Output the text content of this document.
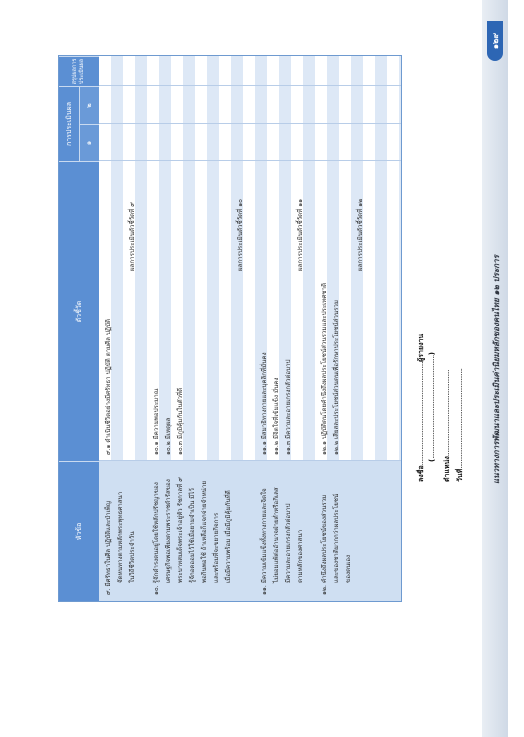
หัวข้อ
ตัวชี้วัด
การประเมินผล	๑
๒
สรุปผลการประเมินผล
๙. มีศรัทธาในศีล ปฏิบัติและบำเพ็ญ จัดหนทางตามหลักพระพุทธศาสนา ในวิถีชีวิตประจำวัน
๙.๑ ดำเนินชีวิตอย่างมีศรัทธา ปฏิบัติ ตามศีล ปฏิบัติ
ผลการประเมินตัวชี้วัดที่ ๙
๑๐. รู้จักดำรงตนอยู่โดยใช้หลักปรัชญาของ เศรษฐกิจพอเพียงตามพระราชดำรัสของ พระบาทสมเด็จพระเจ้าอยู่หัว รัชกาลที่ ๙ รู้จักอดออมไว้ใช้เมื่อยามจำเป็น มีไว้ พอกินพอใช้ ถ้าเหลือก็แจกจ่ายจำหน่าย และพร้อมที่จะขยายกิจการ เมื่อมีความพร้อม เมื่อมีภูมิคุ้มกันที่ดี
๑๐.๑ มีความพอประมาณ ๑๐.๒ มีเหตุผล ๑๐.๓ มีภูมิคุ้มกันในตัวที่ดี
ผลการประเมินตัวชี้วัดที่ ๑๐
๑๑. มีความเข้มแข็งทั้งทางกายและจิตใจ ไม่ยอมแพ้ต่ออำนาจฝ่ายต่ำหรือกิเลส มีความละอายเกรงกลัวต่อบาป ตามหลักของศาสนา
๑๑.๑ มีสมาธิทางกายและบุคลิกที่มั่นคง ๑๑.๒ มีจิตใจที่เข้มแข็ง มั่นคง ๑๑.๓ มีความละอายเกรงกลัวต่อบาป
ผลการประเมินตัวชี้วัดที่ ๑๑
๑๒. คำนึงถึงผลประโยชน์ของส่วนรวม และของชาติมากกว่าผลประโยชน์ ของตนเอง
๑๒.๑ ปฏิบัติตนโดยคำนึงถึงผลประโยชน์ส่วนรวมและประเทศชาติ ๑๒.๒ เสียสละประโยชน์ส่วนตนเพื่อรักษาประโยชน์ส่วนรวม
ผลการประเมินตัวชี้วัดที่ ๑๒
ลงชื่อ............................................................ผู้รายงาน
(............................................................)
ตำแหน่ง..................................................
วันที่..........................................................	แนวทางการพัฒนาและประเมินค่านิยมหลักของคนไทย ๑๒ ประการ
๑๒๙
